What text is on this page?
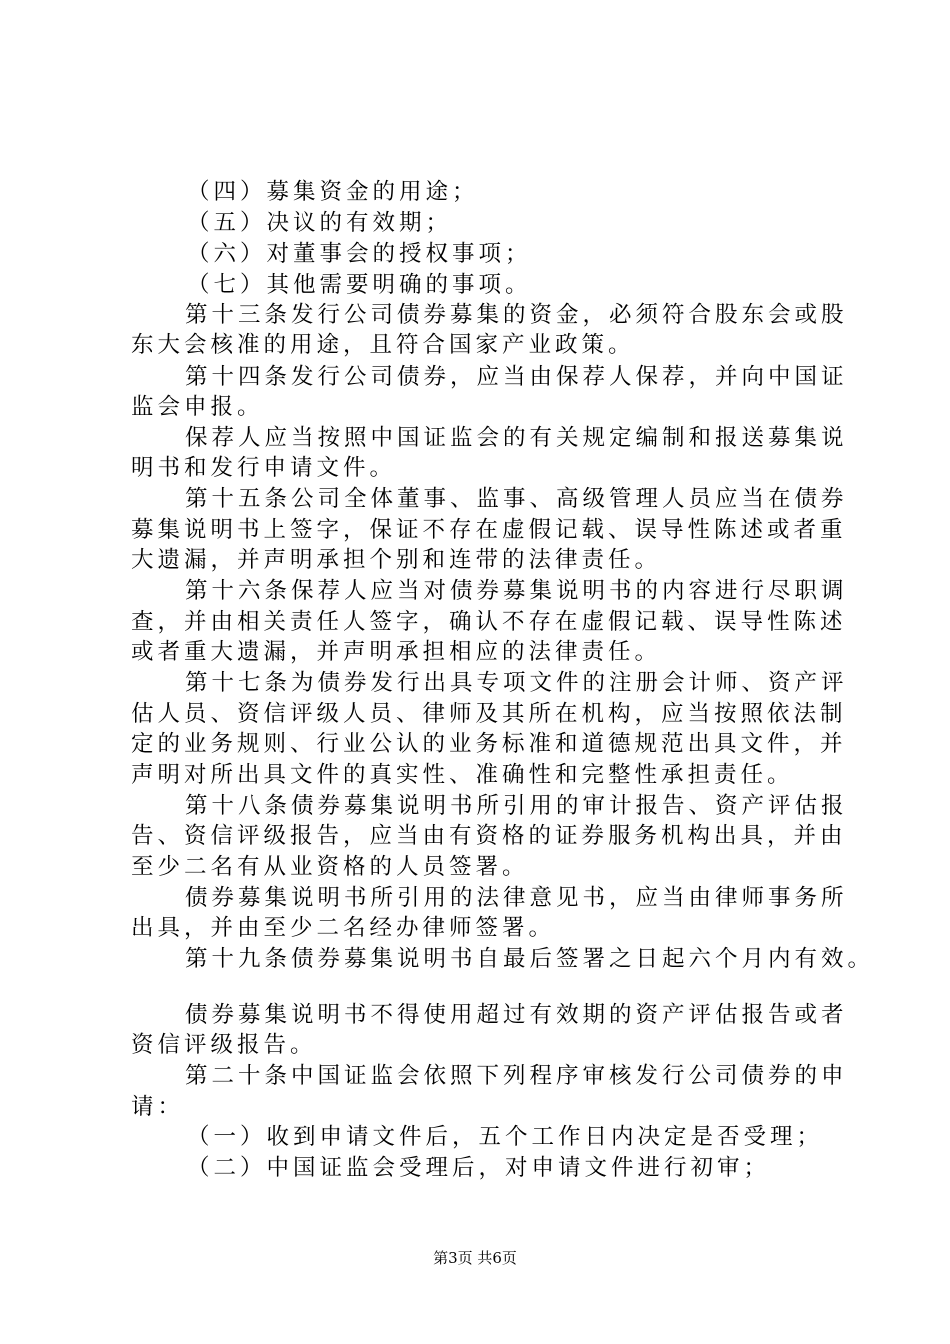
（四）募集资金的用途；
（五）决议的有效期；
（六）对董事会的授权事项；
（七）其他需要明确的事项。
第十三条发行公司债券募集的资金，必须符合股东会或股
东大会核准的用途，且符合国家产业政策。
第十四条发行公司债券，应当由保荐人保荐，并向中国证
监会申报。
保荐人应当按照中国证监会的有关规定编制和报送募集说
明书和发行申请文件。
第十五条公司全体董事、监事、高级管理人员应当在债券
募集说明书上签字，保证不存在虚假记载、误导性陈述或者重
大遗漏，并声明承担个别和连带的法律责任。
第十六条保荐人应当对债券募集说明书的内容进行尽职调
查，并由相关责任人签字，确认不存在虚假记载、误导性陈述
或者重大遗漏，并声明承担相应的法律责任。
第十七条为债券发行出具专项文件的注册会计师、资产评
估人员、资信评级人员、律师及其所在机构，应当按照依法制
定的业务规则、行业公认的业务标准和道德规范出具文件，并
声明对所出具文件的真实性、准确性和完整性承担责任。
第十八条债券募集说明书所引用的审计报告、资产评估报
告、资信评级报告，应当由有资格的证券服务机构出具，并由
至少二名有从业资格的人员签署。
债券募集说明书所引用的法律意见书，应当由律师事务所
出具，并由至少二名经办律师签署。
第十九条债券募集说明书自最后签署之日起六个月内有效。
债券募集说明书不得使用超过有效期的资产评估报告或者
资信评级报告。
第二十条中国证监会依照下列程序审核发行公司债券的申
请：
（一）收到申请文件后，五个工作日内决定是否受理；
（二）中国证监会受理后，对申请文件进行初审；
第3页 共6页
